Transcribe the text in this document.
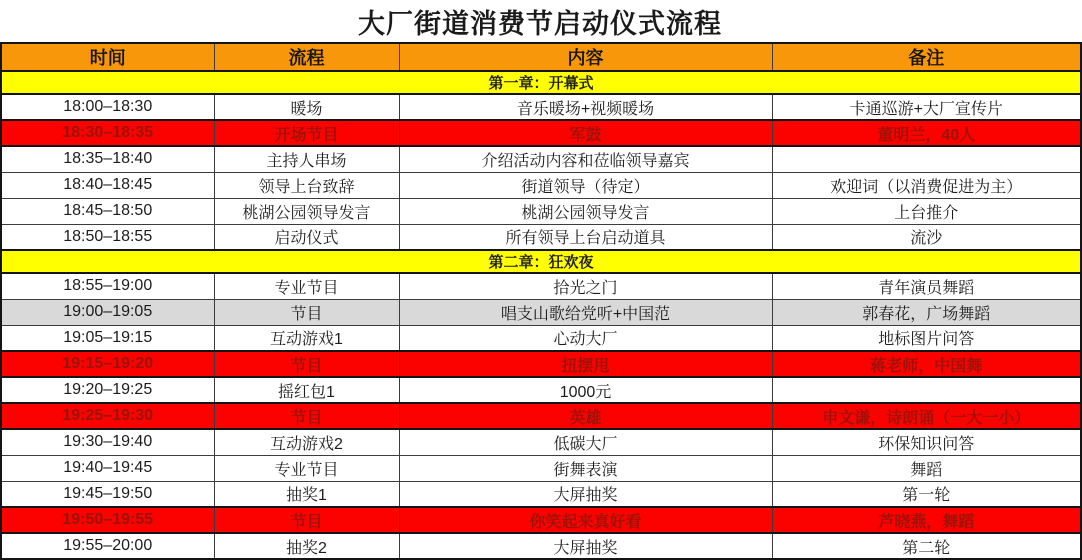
大厂街道消费节启动仪式流程
时间	流程	内容	备注
第一章：开幕式			
18:00–18:30	暖场	音乐暖场+视频暖场	卡通巡游+大厂宣传片
18:30–18:35	开场节目	军鼓	董明兰，40人
18:35–18:40	主持人串场	介绍活动内容和莅临领导嘉宾	
18:40–18:45	领导上台致辞	街道领导（待定）	欢迎词（以消费促进为主）
18:45–18:50	桃湖公园领导发言	桃湖公园领导发言	上台推介
18:50–18:55	启动仪式	所有领导上台启动道具	流沙
第二章：狂欢夜			
18:55–19:00	专业节目	拾光之门	青年演员舞蹈
19:00–19:05	节目	唱支山歌给党听+中国范	郭春花，广场舞蹈
19:05–19:15	互动游戏1	心动大厂	地标图片问答
19:15–19:20	节目	扭摆甩	蒋老师，中国舞
19:20–19:25	摇红包1	1000元	
19:25–19:30	节目	英雄	申文谦，诗朗诵（一大一小）
19:30–19:40	互动游戏2	低碳大厂	环保知识问答
19:40–19:45	专业节目	街舞表演	舞蹈
19:45–19:50	抽奖1	大屏抽奖	第一轮
19:50–19:55	节目	你笑起来真好看	芦晓燕，舞蹈
19:55–20:00	抽奖2	大屏抽奖	第二轮
